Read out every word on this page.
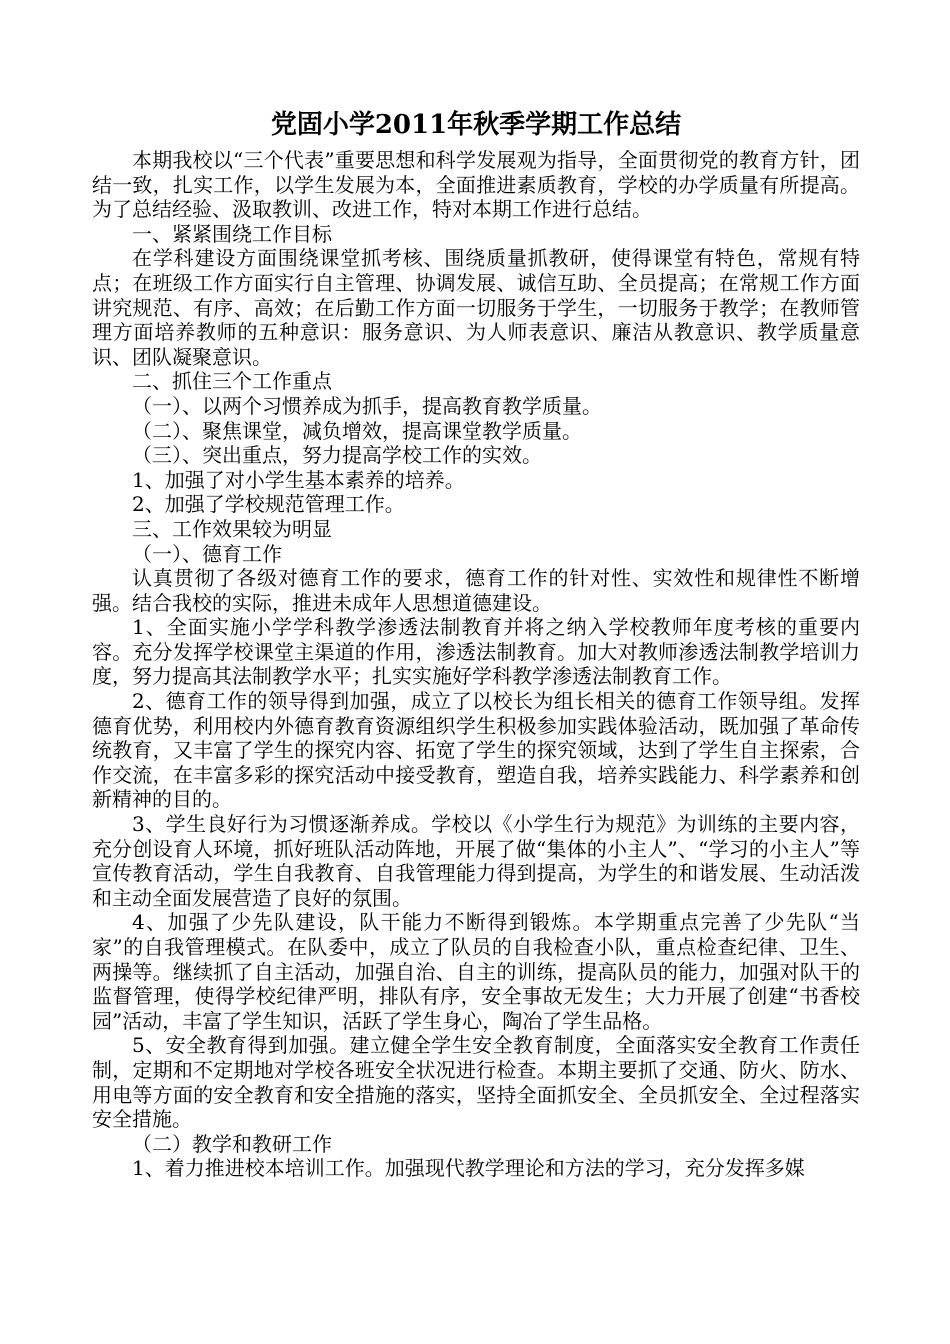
党固小学2011年秋季学期工作总结

本期我校以“三个代表”重要思想和科学发展观为指导，全面贯彻党的教育方针，团结一致，扎实工作，以学生发展为本，全面推进素质教育，学校的办学质量有所提高。为了总结经验、汲取教训、改进工作，特对本期工作进行总结。

一、紧紧围绕工作目标

在学科建设方面围绕课堂抓考核、围绕质量抓教研，使得课堂有特色，常规有特点；在班级工作方面实行自主管理、协调发展、诚信互助、全员提高；在常规工作方面讲究规范、有序、高效；在后勤工作方面一切服务于学生，一切服务于教学；在教师管理方面培养教师的五种意识：服务意识、为人师表意识、廉洁从教意识、教学质量意识、团队凝聚意识。

二、抓住三个工作重点

（一）、以两个习惯养成为抓手，提高教育教学质量。

（二）、聚焦课堂，减负增效，提高课堂教学质量。

（三）、突出重点，努力提高学校工作的实效。

1、加强了对小学生基本素养的培养。

2、加强了学校规范管理工作。

三、工作效果较为明显

（一）、德育工作

认真贯彻了各级对德育工作的要求，德育工作的针对性、实效性和规律性不断增强。结合我校的实际，推进未成年人思想道德建设。

1、全面实施小学学科教学渗透法制教育并将之纳入学校教师年度考核的重要内容。充分发挥学校课堂主渠道的作用，渗透法制教育。加大对教师渗透法制教学培训力度，努力提高其法制教学水平；扎实实施好学科教学渗透法制教育工作。

2、德育工作的领导得到加强，成立了以校长为组长相关的德育工作领导组。发挥德育优势，利用校内外德育教育资源组织学生积极参加实践体验活动，既加强了革命传统教育，又丰富了学生的探究内容、拓宽了学生的探究领域，达到了学生自主探索，合作交流，在丰富多彩的探究活动中接受教育，塑造自我，培养实践能力、科学素养和创新精神的目的。

3、学生良好行为习惯逐渐养成。学校以《小学生行为规范》为训练的主要内容，充分创设育人环境，抓好班队活动阵地，开展了做“集体的小主人”、“学习的小主人”等宣传教育活动，学生自我教育、自我管理能力得到提高，为学生的和谐发展、生动活泼和主动全面发展营造了良好的氛围。

4、加强了少先队建设，队干能力不断得到锻炼。本学期重点完善了少先队“当家”的自我管理模式。在队委中，成立了队员的自我检查小队，重点检查纪律、卫生、两操等。继续抓了自主活动，加强自治、自主的训练，提高队员的能力，加强对队干的监督管理，使得学校纪律严明，排队有序，安全事故无发生；大力开展了创建“书香校园”活动，丰富了学生知识，活跃了学生身心，陶冶了学生品格。

5、安全教育得到加强。建立健全学生安全教育制度，全面落实安全教育工作责任制，定期和不定期地对学校各班安全状况进行检查。本期主要抓了交通、防火、防水、用电等方面的安全教育和安全措施的落实，坚持全面抓安全、全员抓安全、全过程落实安全措施。

（二）教学和教研工作

1、着力推进校本培训工作。加强现代教学理论和方法的学习，充分发挥多媒
